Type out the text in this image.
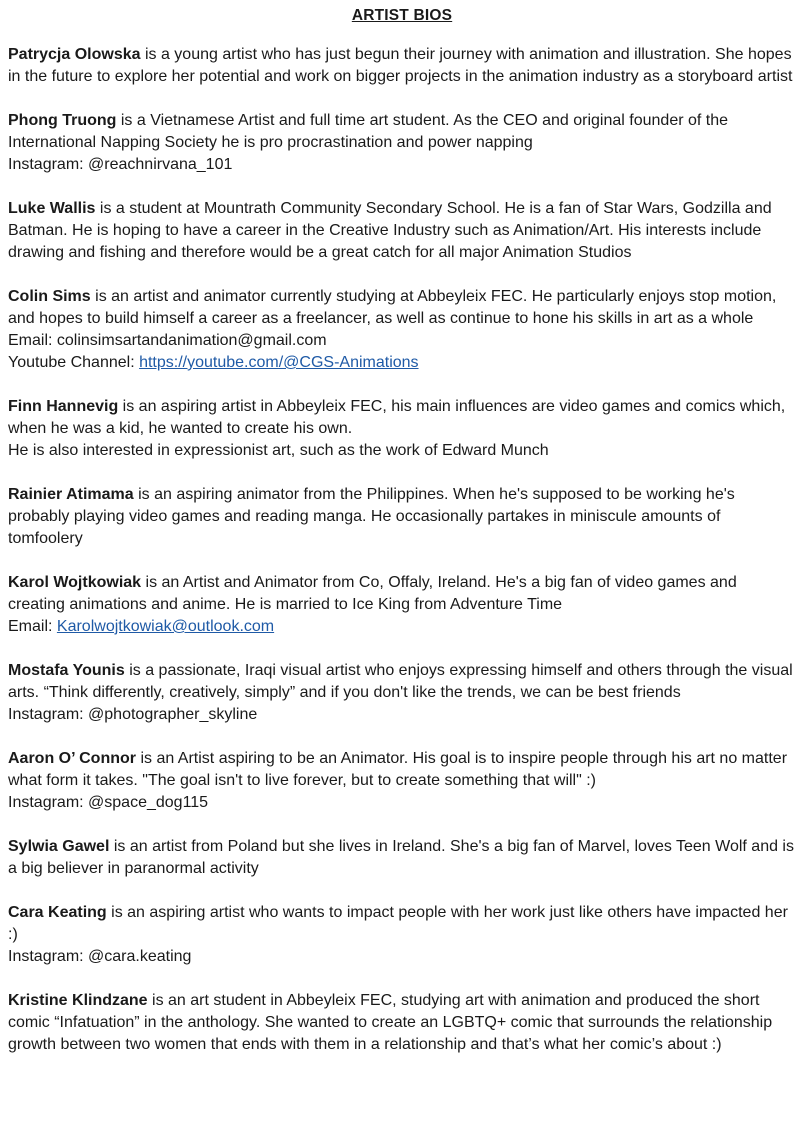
ARTIST BIOS

Patrycja Olowska is a young artist who has just begun their journey with animation and illustration. She hopes in the future to explore her potential and work on bigger projects in the animation industry as a storyboard artist

Phong Truong is a Vietnamese Artist and full time art student. As the CEO and original founder of the International Napping Society he is pro procrastination and power napping

Instagram: @reachnirvana_101

Luke Wallis is a student at Mountrath Community Secondary School. He is a fan of Star Wars, Godzilla and Batman. He is hoping to have a career in the Creative Industry such as Animation/Art. His interests include drawing and fishing and therefore would be a great catch for all major Animation Studios

Colin Sims is an artist and animator currently studying at Abbeyleix FEC. He particularly enjoys stop motion, and hopes to build himself a career as a freelancer, as well as continue to hone his skills in art as a whole

Email: colinsimsartandanimation@gmail.com

Youtube Channel: https://youtube.com/@CGS-Animations

Finn Hannevig is an aspiring artist in Abbeyleix FEC, his main influences are video games and comics which, when he was a kid, he wanted to create his own.

He is also interested in expressionist art, such as the work of Edward Munch

Rainier Atimama is an aspiring animator from the Philippines. When he's supposed to be working he's probably playing video games and reading manga. He occasionally partakes in miniscule amounts of tomfoolery

Karol Wojtkowiak is an Artist and Animator from Co, Offaly, Ireland. He's a big fan of video games and creating animations and anime. He is married to Ice King from Adventure Time

Email: Karolwojtkowiak@outlook.com

Mostafa Younis is a passionate, Iraqi visual artist who enjoys expressing himself and others through the visual arts. “Think differently, creatively, simply” and if you don't like the trends, we can be best friends

Instagram: @photographer_skyline

Aaron O’ Connor is an Artist aspiring to be an Animator. His goal is to inspire people through his art no matter what form it takes. "The goal isn't to live forever, but to create something that will" :)

Instagram: @space_dog115

Sylwia Gawel is an artist from Poland but she lives in Ireland. She's a big fan of Marvel, loves Teen Wolf and is a big believer in paranormal activity

Cara Keating is an aspiring artist who wants to impact people with her work just like others have impacted her :)

Instagram: @cara.keating

Kristine Klindzane is an art student in Abbeyleix FEC, studying art with animation and produced the short comic “Infatuation” in the anthology. She wanted to create an LGBTQ+ comic that surrounds the relationship growth between two women that ends with them in a relationship and that’s what her comic’s about :)
